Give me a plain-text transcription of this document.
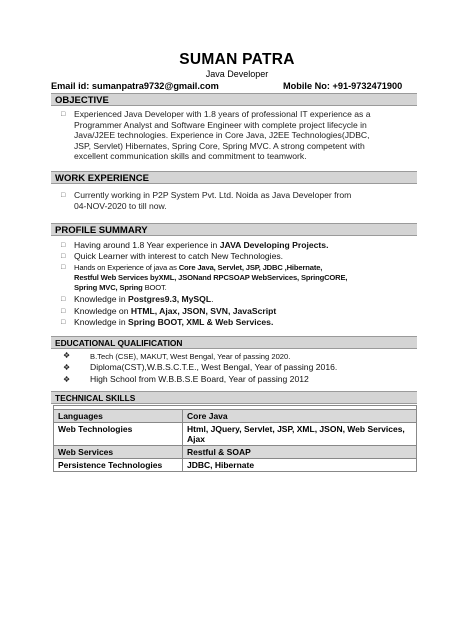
SUMAN PATRA
Java Developer
Email id: sumanpatra9732@gmail.com	Mobile No: +91-9732471900
OBJECTIVE
□ Experienced Java Developer with 1.8 years of professional IT experience as a
Programmer Analyst and Software Engineer with complete project lifecycle in
Java/J2EE technologies. Experience in Core Java, J2EE Technologies(JDBC,
JSP, Servlet) Hibernates, Spring Core, Spring MVC. A strong competent with
excellent communication skills and commitment to teamwork.
WORK EXPERIENCE
□ Currently working in P2P System Pvt. Ltd. Noida as Java Developer from
04-NOV-2020 to till now.
PROFILE SUMMARY
□ Having around 1.8 Year experience in JAVA Developing Projects.
□ Quick Learner with interest to catch New Technologies.
□ Hands on Experience of java as Core Java, Servlet, JSP, JDBC ,Hibernate,
Restful Web Services byXML, JSONand RPCSOAP WebServices, SpringCORE,
Spring MVC, Spring BOOT.
□ Knowledge in Postgres9.3, MySQL.
□ Knowledge on HTML, Ajax, JSON, SVN, JavaScript
□ Knowledge in Spring BOOT, XML & Web Services.
EDUCATIONAL QUALIFICATION
❖	B.Tech (CSE), MAKUT, West Bengal, Year of passing 2020.
❖ Diploma(CST),W.B.S.C.T.E., West Bengal, Year of passing 2016.
❖ High School from W.B.B.S.E Board, Year of passing 2012
TECHNICAL SKILLS

Languages	Core Java
Web Technologies	Html, JQuery, Servlet, JSP, XML, JSON, Web Services, Ajax
Web Services	Restful & SOAP
Persistence Technologies	JDBC, Hibernate
